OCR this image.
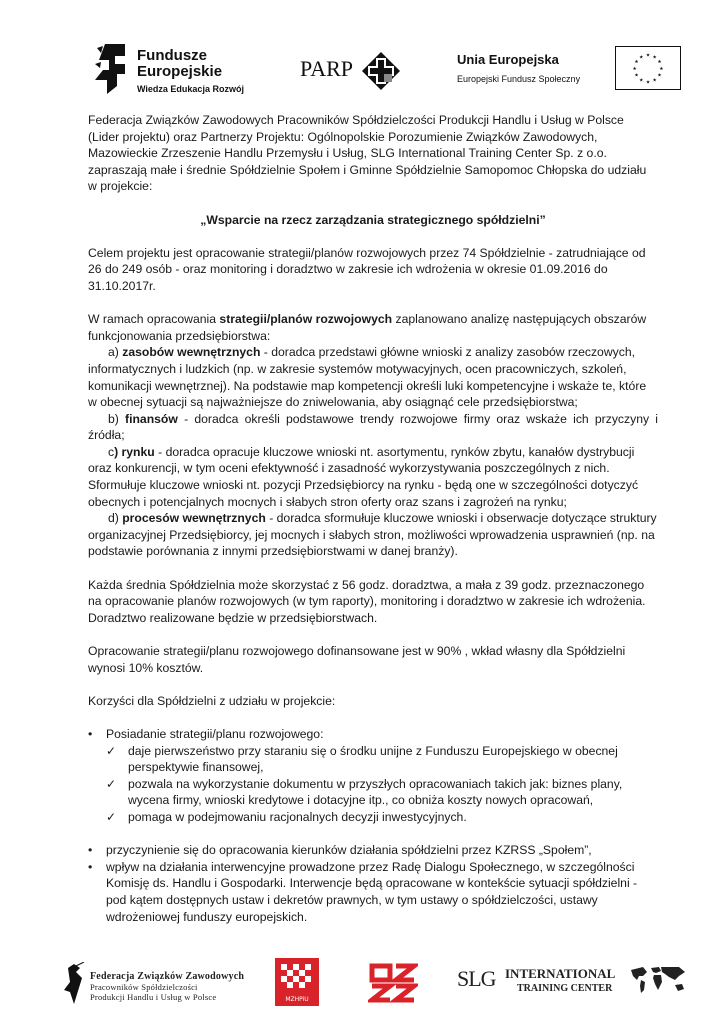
Fundusze
Europejskie
Wiedza Edukacja Rozwój
PARP	Unia Europejska
Europejski Fundusz Społeczny
★ ★
★
★
★
★
★
★
★
★
★
★

Federacja Związków Zawodowych Pracowników Spółdzielczości Produkcji Handlu i Usług w Polsce (Lider projektu) oraz Partnerzy Projektu: Ogólnopolskie Porozumienie Związków Zawodowych, Mazowieckie Zrzeszenie Handlu Przemysłu i Usług, SLG International Training Center Sp. z o.o. zapraszają małe i średnie Spółdzielnie Społem i Gminne Spółdzielnie Samopomoc Chłopska do udziału w projekcie:

„Wsparcie na rzecz zarządzania strategicznego spółdzielni”

Celem projektu jest opracowanie strategii/planów rozwojowych przez 74 Spółdzielnie - zatrudniające od 26 do 249 osób - oraz monitoring i doradztwo w zakresie ich wdrożenia w okresie 01.09.2016 do 31.10.2017r.

W ramach opracowania strategii/planów rozwojowych zaplanowano analizę następujących obszarów funkcjonowania przedsiębiorstwa:

a) zasobów wewnętrznych - doradca przedstawi główne wnioski z analizy zasobów rzeczowych, informatycznych i ludzkich (np. w zakresie systemów motywacyjnych, ocen pracowniczych, szkoleń, komunikacji wewnętrznej). Na podstawie map kompetencji określi luki kompetencyjne i wskaże te, które w obecnej sytuacji są najważniejsze do zniwelowania, aby osiągnąć cele przedsiębiorstwa;

b) finansów - doradca określi podstawowe trendy rozwojowe firmy oraz wskaże ich przyczyny i źródła;

c) rynku - doradca opracuje kluczowe wnioski nt. asortymentu, rynków zbytu, kanałów dystrybucji oraz konkurencji, w tym oceni efektywność i zasadność wykorzystywania poszczególnych z nich. Sformułuje kluczowe wnioski nt. pozycji Przedsiębiorcy na rynku - będą one w szczególności dotyczyć obecnych i potencjalnych mocnych i słabych stron oferty oraz szans i zagrożeń na rynku;

d) procesów wewnętrznych - doradca sformułuje kluczowe wnioski i obserwacje dotyczące struktury organizacyjnej Przedsiębiorcy, jej mocnych i słabych stron, możliwości wprowadzenia usprawnień (np. na podstawie porównania z innymi przedsiębiorstwami w danej branży).

Każda średnia Spółdzielnia może skorzystać z 56 godz. doradztwa, a mała z 39 godz. przeznaczonego na opracowanie planów rozwojowych (w tym raporty), monitoring i doradztwo w zakresie ich wdrożenia. Doradztwo realizowane będzie w przedsiębiorstwach.

Opracowanie strategii/planu rozwojowego dofinansowane jest w 90% , wkład własny dla Spółdzielni wynosi 10% kosztów.

Korzyści dla Spółdzielni z udziału w projekcie:

• Posiadanie strategii/planu rozwojowego:
✓ daje pierwszeństwo przy staraniu się o środku unijne z Funduszu Europejskiego w obecnej perspektywie finansowej,
✓ pozwala na wykorzystanie dokumentu w przyszłych opracowaniach takich jak: biznes plany, wycena firmy, wnioski kredytowe i dotacyjne itp., co obniża koszty nowych opracowań,
✓ pomaga w podejmowaniu racjonalnych decyzji inwestycyjnych.
• przyczynienie się do opracowania kierunków działania spółdzielni przez KZRSS „Społem”,
• wpływ na działania interwencyjne prowadzone przez Radę Dialogu Społecznego, w szczególności Komisję ds. Handlu i Gospodarki. Interwencje będą opracowane w kontekście sytuacji spółdzielni - pod kątem dostępnych ustaw i dekretów prawnych, w tym ustawy o spółdzielczości, ustawy wdrożeniowej funduszy europejskich.
Federacja Związków Zawodowych
Pracowników Spółdzielczości
Produkcji Handlu i Usług w Polsce	MZHPiU
SLG INTERNATIONAL
TRAINING CENTER
